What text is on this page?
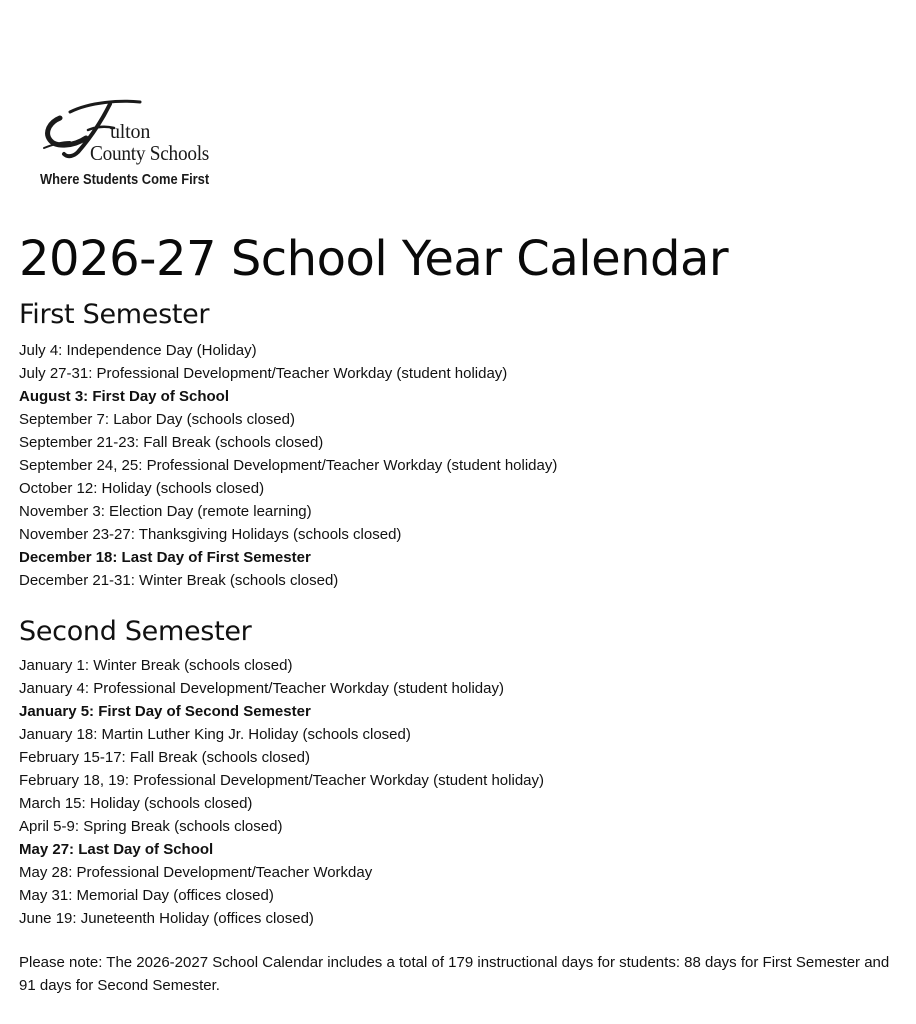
ulton
County Schools
Where Students Come First
2026-27 School Year Calendar
First Semester
July 4: Independence Day (Holiday)
July 27-31: Professional Development/Teacher Workday (student holiday)
August 3: First Day of School
September 7: Labor Day (schools closed)
September 21-23: Fall Break (schools closed)
September 24, 25: Professional Development/Teacher Workday (student holiday)
October 12: Holiday (schools closed)
November 3: Election Day (remote learning)
November 23-27: Thanksgiving Holidays (schools closed)
December 18: Last Day of First Semester
December 21-31: Winter Break (schools closed)
Second Semester
January 1: Winter Break (schools closed)
January 4: Professional Development/Teacher Workday (student holiday)
January 5: First Day of Second Semester
January 18: Martin Luther King Jr. Holiday (schools closed)
February 15-17: Fall Break (schools closed)
February 18, 19: Professional Development/Teacher Workday (student holiday)
March 15: Holiday (schools closed)
April 5-9: Spring Break (schools closed)
May 27: Last Day of School
May 28: Professional Development/Teacher Workday
May 31: Memorial Day (offices closed)
June 19: Juneteenth Holiday (offices closed)

Please note: The 2026-2027 School Calendar includes a total of 179 instructional days for students: 88 days for First Semester and 91 days for Second Semester.
